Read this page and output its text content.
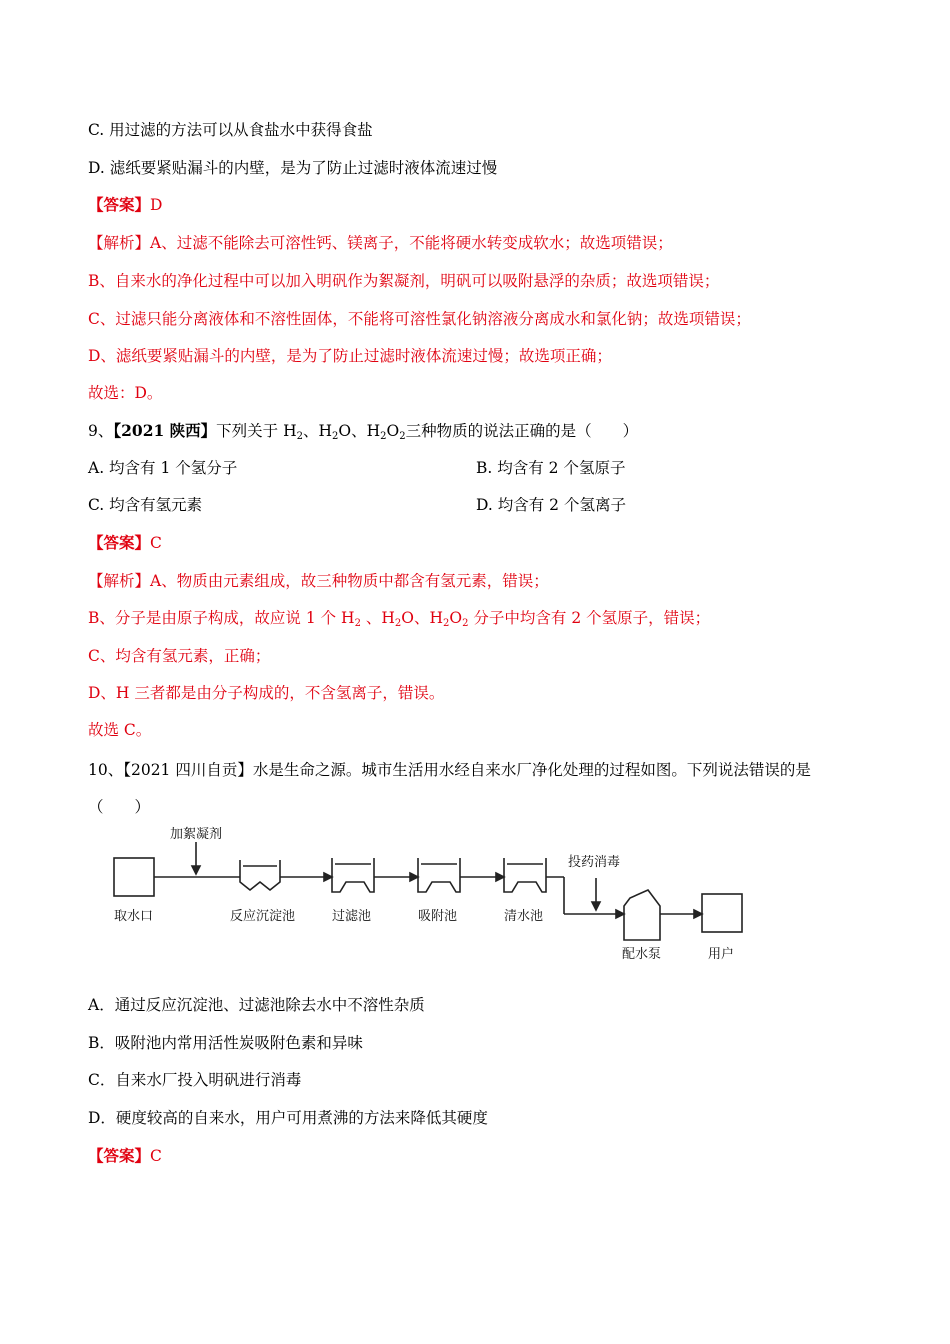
C. 用过滤的方法可以从食盐水中获得食盐
D. 滤纸要紧贴漏斗的内壁，是为了防止过滤时液体流速过慢
【答案】D
【解析】A、过滤不能除去可溶性钙、镁离子，不能将硬水转变成软水；故选项错误；
B、自来水的净化过程中可以加入明矾作为絮凝剂，明矾可以吸附悬浮的杂质；故选项错误；
C、过滤只能分离液体和不溶性固体，不能将可溶性氯化钠溶液分离成水和氯化钠；故选项错误；
D、滤纸要紧贴漏斗的内壁，是为了防止过滤时液体流速过慢；故选项正确；
故选：D。
9、【2021 陕西】下列关于 $H_2$、$H_2O$、$H_2O_2$三种物质的说法正确的是（　　）
A. 均含有 1 个氢分子	B. 均含有 2 个氢原子
C. 均含有氢元素	D. 均含有 2 个氢离子
【答案】C
【解析】A、物质由元素组成，故三种物质中都含有氢元素，错误；
B、分子是由原子构成，故应说 1 个 $H_2$ 、$H_2O$、$H_2O_2$ 分子中均含有 2 个氢原子，错误；
C、均含有氢元素，正确；
D、H 三者都是由分子构成的，不含氢离子，错误。
故选 C。
10、【2021 四川自贡】水是生命之源。城市生活用水经自来水厂净化处理的过程如图。下列说法错误的是
（　　）
取水口
加絮凝剂
反应沉淀池	过滤池	吸附池	清水池
投药消毒
配水泵	用户
A．通过反应沉淀池、过滤池除去水中不溶性杂质
B．吸附池内常用活性炭吸附色素和异味
C．自来水厂投入明矾进行消毒
D．硬度较高的自来水，用户可用煮沸的方法来降低其硬度
【答案】C
